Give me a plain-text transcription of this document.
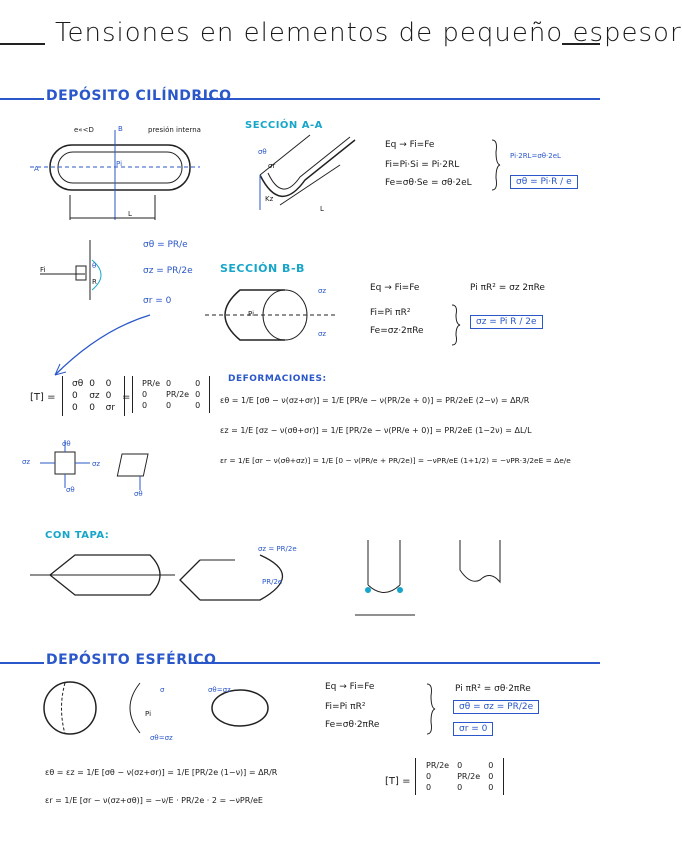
Tensiones en elementos de pequeño espesor
DEPÓSITO CILÍNDRICO
e«<D	B	presión interna
Pi
A
L
SECCIÓN A-A
σθ
σr
Kz
L
Eq → Fi=Fe
Fi=Pi·Si = Pi·2RL
Fe=σθ·Se = σθ·2eL
Pi·2RL=σθ·2eL
σθ = Pi·R / e
Fi	θ
R
σθ = PR/e
σz = PR/2e
σr = 0
SECCIÓN B-B
σz
Pi
σz
Eq → Fi=Fe
Fi=Pi πR²
Fe=σz·2πRe
Pi πR² = σz 2πRe
σz = Pi R / 2e
[T] =
σθ	0	0
0	σz	0
0	0	σr
=
PR/e	0	0
0	PR/2e	0
0	0	0
DEFORMACIONES:
εθ = 1/E [σθ − ν(σz+σr)] = 1/E [PR/e − ν(PR/2e + 0)] = PR/2eE (2−ν) = ΔR/R
εz = 1/E [σz − ν(σθ+σr)] = 1/E [PR/2e − ν(PR/e + 0)] = PR/2eE (1−2ν) = ΔL/L
εr = 1/E [σr − ν(σθ+σz)] = 1/E [0 − ν(PR/e + PR/2e)] = −νPR/eE (1+1/2) = −νPR·3/2eE = Δe/e
σz
σθ
σz
σθ	σθ
CON TAPA:
σz = PR/2e
PR/2e
DEPÓSITO ESFÉRICO
σ
Pi
σθ=σz
σθ=σz	Eq → Fi=Fe
Fi=Pi πR²
Fe=σθ·2πRe
Pi πR² = σθ·2πRe
σθ = σz = PR/2e
σr = 0
εθ = εz = 1/E [σθ − ν(σz+σr)] = 1/E [PR/2e (1−ν)] = ΔR/R
εr = 1/E [σr − ν(σz+σθ)] = −ν/E · PR/2e · 2 = −νPR/eE
[T] =
PR/2e	0	0
0	PR/2e	0
0	0	0
